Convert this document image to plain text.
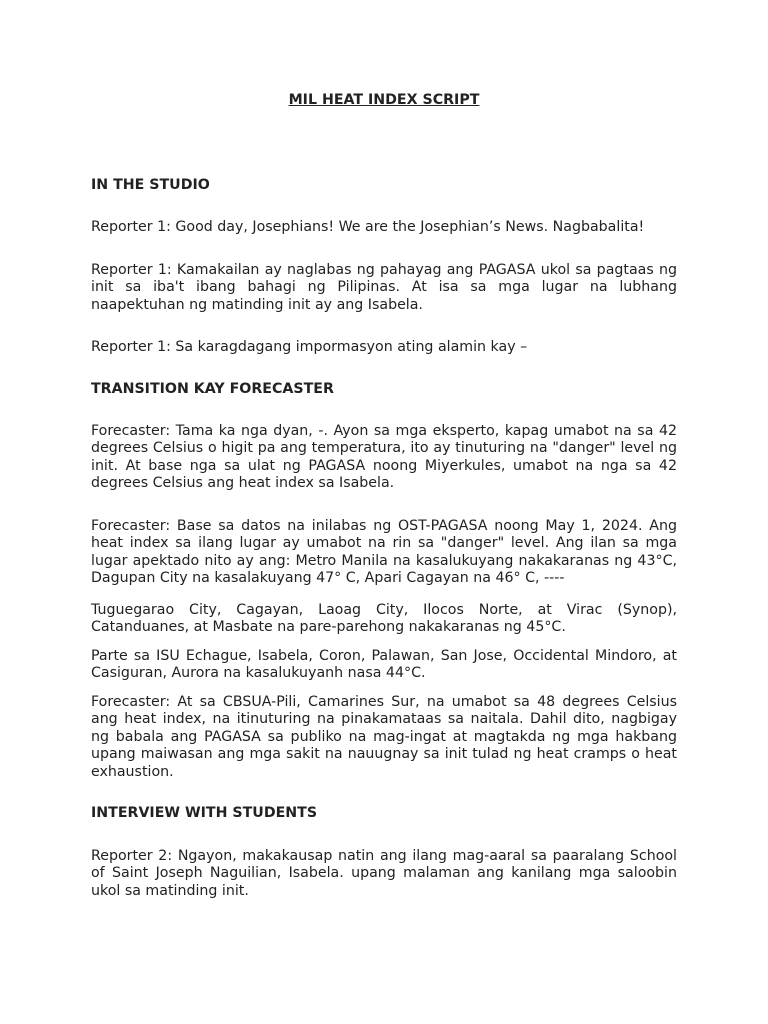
MIL HEAT INDEX SCRIPT

IN THE STUDIO

Reporter 1: Good day, Josephians! We are the Josephian’s News. Nagbabalita!

Reporter 1: Kamakailan ay naglabas ng pahayag ang PAGASA ukol sa pagtaas ng init sa iba't ibang bahagi ng Pilipinas. At isa sa mga lugar na lubhang naapektuhan ng matinding init ay ang Isabela.

Reporter 1: Sa karagdagang impormasyon ating alamin kay –

TRANSITION KAY FORECASTER

Forecaster: Tama ka nga dyan, -. Ayon sa mga eksperto, kapag umabot na sa 42 degrees Celsius o higit pa ang temperatura, ito ay tinuturing na "danger" level ng init. At base nga sa ulat ng PAGASA noong Miyerkules, umabot na nga sa 42 degrees Celsius ang heat index sa Isabela.

Forecaster: Base sa datos na inilabas ng OST-PAGASA noong May 1, 2024. Ang heat index sa ilang lugar ay umabot na rin sa "danger" level. Ang ilan sa mga lugar apektado nito ay ang: Metro Manila na kasalukuyang nakakaranas ng 43°C, Dagupan City na kasalakuyang 47° C, Apari Cagayan na 46° C, ----

Tuguegarao City, Cagayan, Laoag City, Ilocos Norte, at Virac (Synop), Catanduanes, at Masbate na pare-parehong nakakaranas ng 45°C.

Parte sa ISU Echague, Isabela, Coron, Palawan, San Jose, Occidental Mindoro, at Casiguran, Aurora na kasalukuyanh nasa 44°C.

Forecaster: At sa CBSUA-Pili, Camarines Sur, na umabot sa 48 degrees Celsius ang heat index, na itinuturing na pinakamataas sa naitala. Dahil dito, nagbigay ng babala ang PAGASA sa publiko na mag-ingat at magtakda ng mga hakbang upang maiwasan ang mga sakit na nauugnay sa init tulad ng heat cramps o heat exhaustion.

INTERVIEW WITH STUDENTS

Reporter 2: Ngayon, makakausap natin ang ilang mag-aaral sa paaralang School of Saint Joseph Naguilian, Isabela. upang malaman ang kanilang mga saloobin ukol sa matinding init.
